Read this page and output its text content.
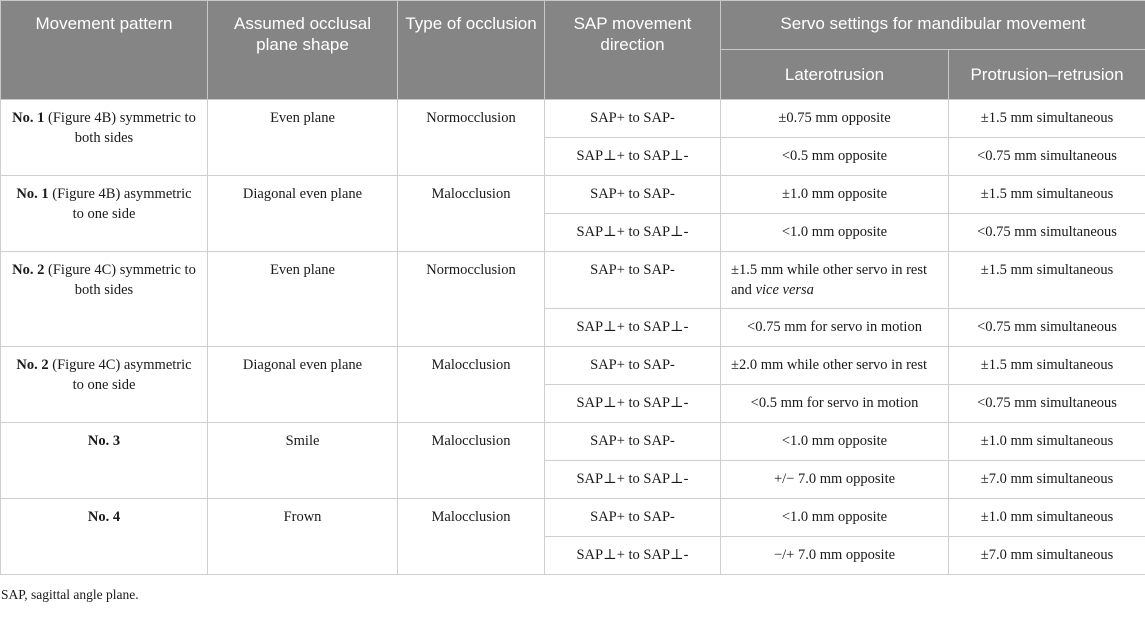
Movement pattern	Assumed occlusal plane shape	Type of occlusion	SAP movement direction	Servo settings for mandibular movement	
				Laterotrusion	Protrusion–retrusion
No. 1 (Figure 4B) symmetric to both sides	Even plane	Normocclusion	SAP+ to SAP-	±0.75 mm opposite	±1.5 mm simultaneous
			SAP⊥+ to SAP⊥-	<0.5 mm opposite	<0.75 mm simultaneous
No. 1 (Figure 4B) asymmetric to one side	Diagonal even plane	Malocclusion	SAP+ to SAP-	±1.0 mm opposite	±1.5 mm simultaneous
			SAP⊥+ to SAP⊥-	<1.0 mm opposite	<0.75 mm simultaneous
No. 2 (Figure 4C) symmetric to both sides	Even plane	Normocclusion	SAP+ to SAP-	±1.5 mm while other servo in rest and vice versa	±1.5 mm simultaneous
			SAP⊥+ to SAP⊥-	<0.75 mm for servo in motion	<0.75 mm simultaneous
No. 2 (Figure 4C) asymmetric to one side	Diagonal even plane	Malocclusion	SAP+ to SAP-	±2.0 mm while other servo in rest	±1.5 mm simultaneous
			SAP⊥+ to SAP⊥-	<0.5 mm for servo in motion	<0.75 mm simultaneous
No. 3	Smile	Malocclusion	SAP+ to SAP-	<1.0 mm opposite	±1.0 mm simultaneous
			SAP⊥+ to SAP⊥-	+/− 7.0 mm opposite	±7.0 mm simultaneous
No. 4	Frown	Malocclusion	SAP+ to SAP-	<1.0 mm opposite	±1.0 mm simultaneous
			SAP⊥+ to SAP⊥-	−/+ 7.0 mm opposite	±7.0 mm simultaneous

SAP, sagittal angle plane.
